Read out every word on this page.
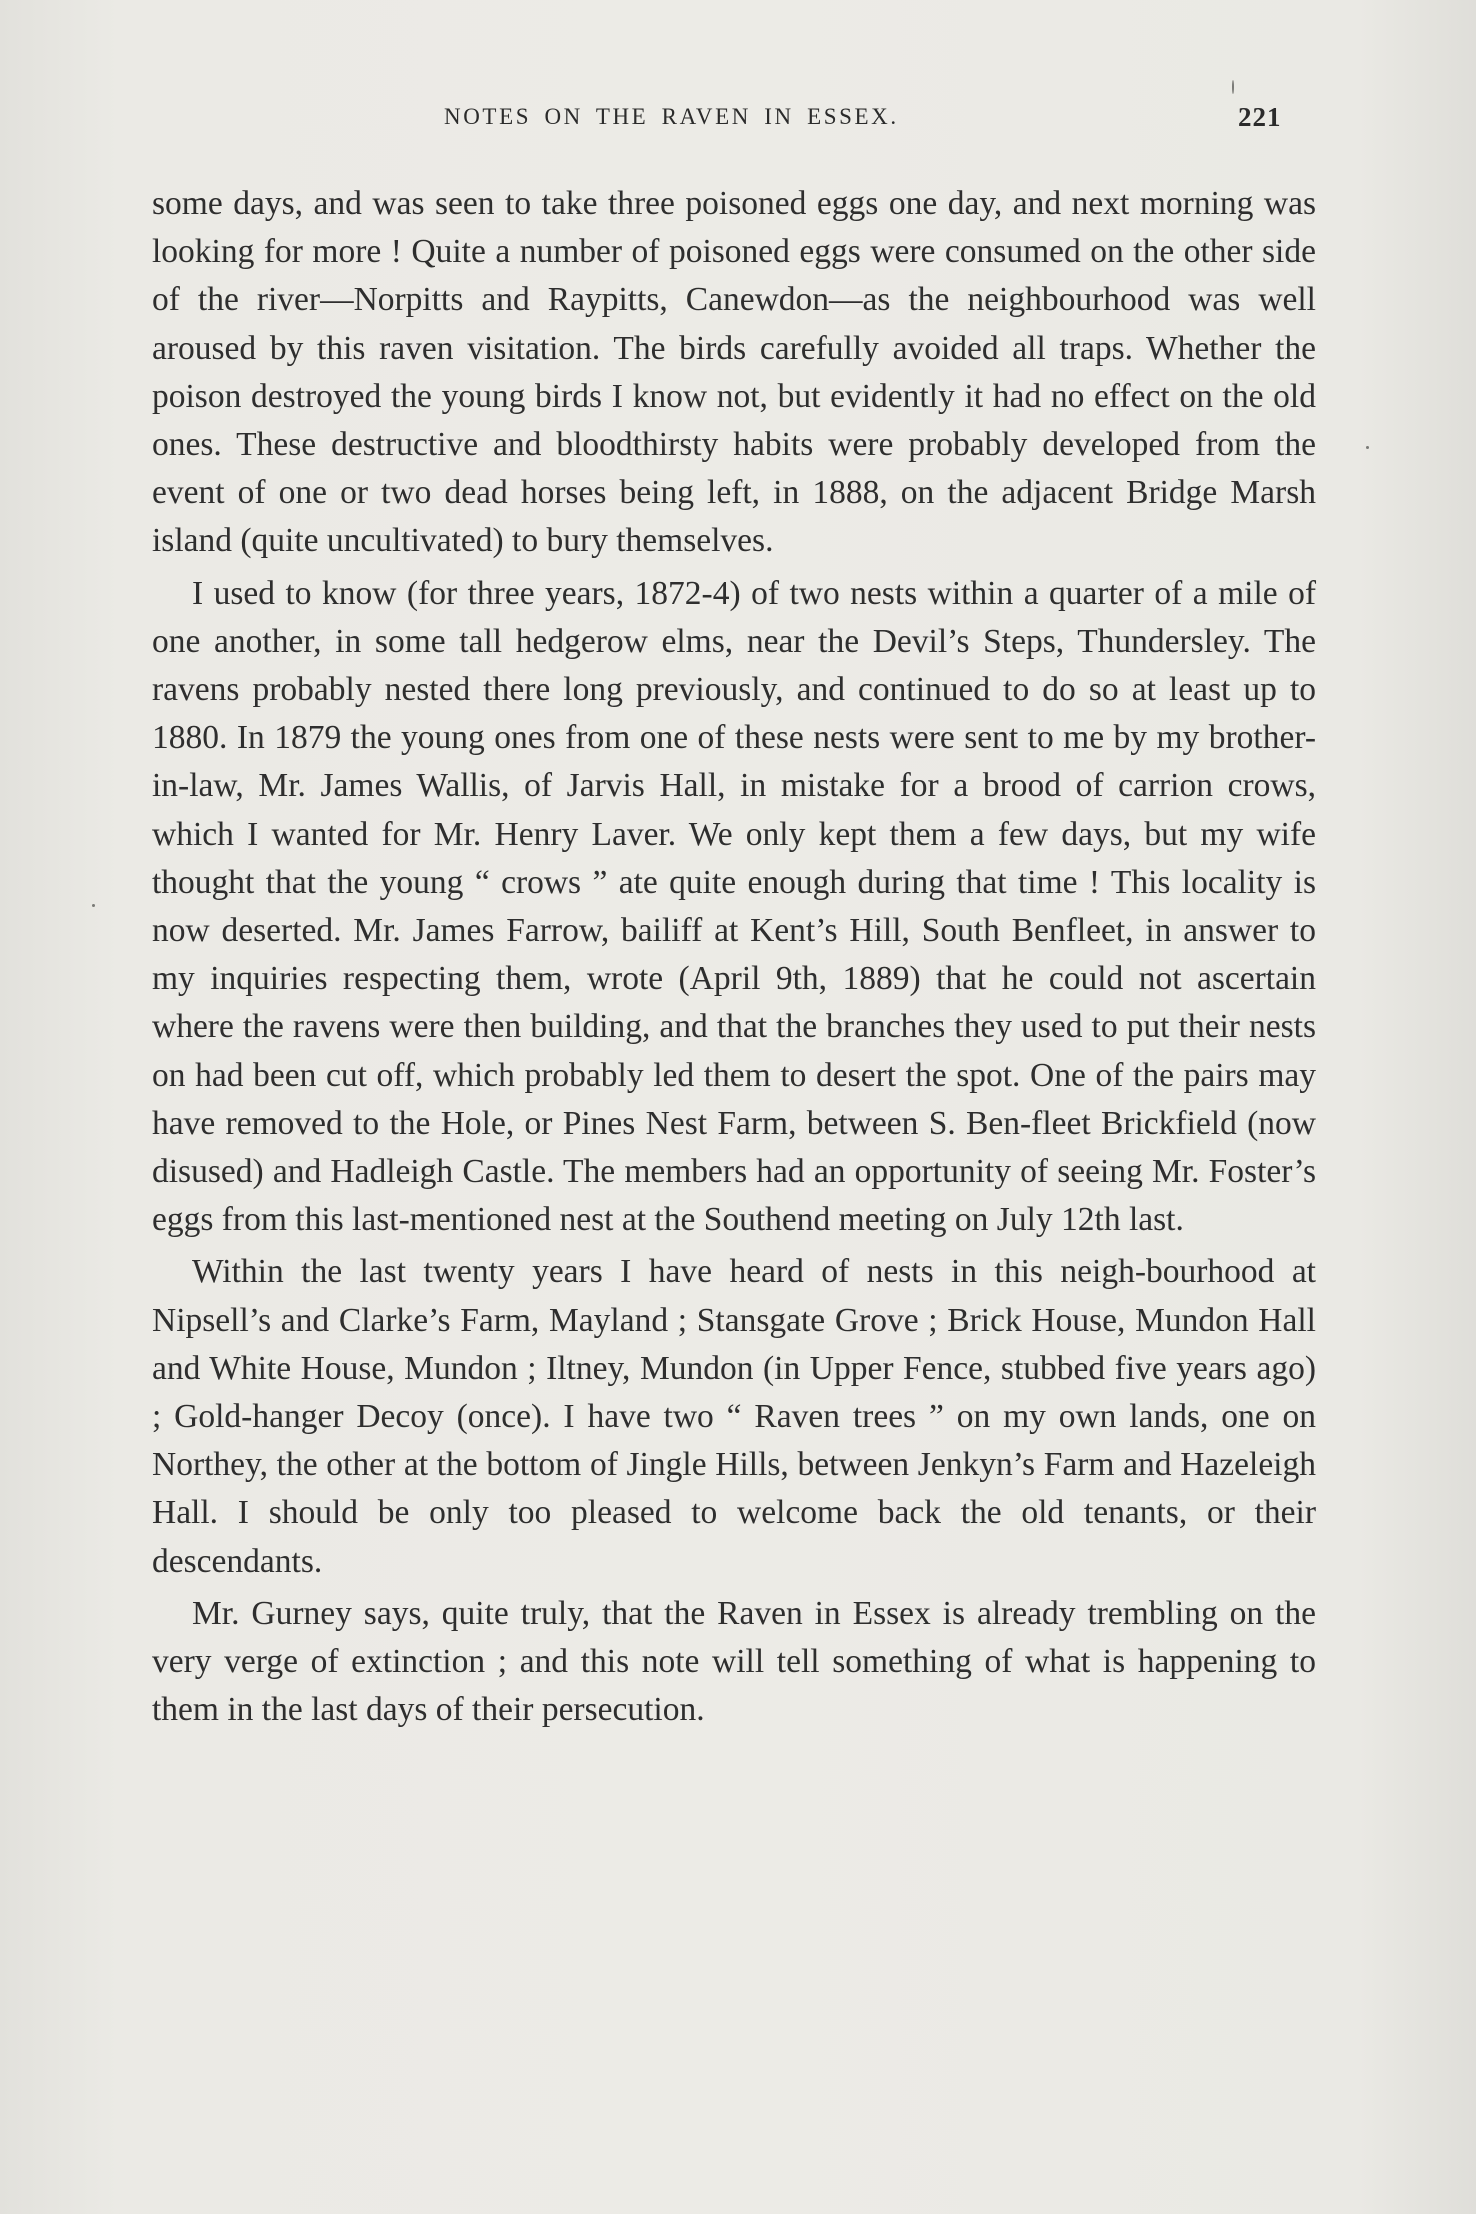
NOTES ON THE RAVEN IN ESSEX.	221

some days, and was seen to take three poisoned eggs one day, and next morning was looking for more ! Quite a number of poisoned eggs were consumed on the other side of the river—Norpitts and Raypitts, Canewdon—as the neighbourhood was well aroused by this raven visitation. The birds carefully avoided all traps. Whether the poison destroyed the young birds I know not, but evidently it had no effect on the old ones. These destructive and bloodthirsty habits were probably developed from the event of one or two dead horses being left, in 1888, on the adjacent Bridge Marsh island (quite uncultivated) to bury themselves.

I used to know (for three years, 1872-4) of two nests within a quarter of a mile of one another, in some tall hedgerow elms, near the Devil’s Steps, Thundersley. The ravens probably nested there long previously, and continued to do so at least up to 1880. In 1879 the young ones from one of these nests were sent to me by my brother-in-law, Mr. James Wallis, of Jarvis Hall, in mistake for a brood of carrion crows, which I wanted for Mr. Henry Laver. We only kept them a few days, but my wife thought that the young “ crows ” ate quite enough during that time ! This locality is now deserted. Mr. James Farrow, bailiff at Kent’s Hill, South Benfleet, in answer to my inquiries respecting them, wrote (April 9th, 1889) that he could not ascertain where the ravens were then building, and that the branches they used to put their nests on had been cut off, which probably led them to desert the spot. One of the pairs may have removed to the Hole, or Pines Nest Farm, between S. Ben-fleet Brickfield (now disused) and Hadleigh Castle. The members had an opportunity of seeing Mr. Foster’s eggs from this last-mentioned nest at the Southend meeting on July 12th last.

Within the last twenty years I have heard of nests in this neigh-bourhood at Nipsell’s and Clarke’s Farm, Mayland ; Stansgate Grove ; Brick House, Mundon Hall and White House, Mundon ; Iltney, Mundon (in Upper Fence, stubbed five years ago) ; Gold-hanger Decoy (once). I have two “ Raven trees ” on my own lands, one on Northey, the other at the bottom of Jingle Hills, between Jenkyn’s Farm and Hazeleigh Hall. I should be only too pleased to welcome back the old tenants, or their descendants.

Mr. Gurney says, quite truly, that the Raven in Essex is already trembling on the very verge of extinction ; and this note will tell something of what is happening to them in the last days of their persecution.
